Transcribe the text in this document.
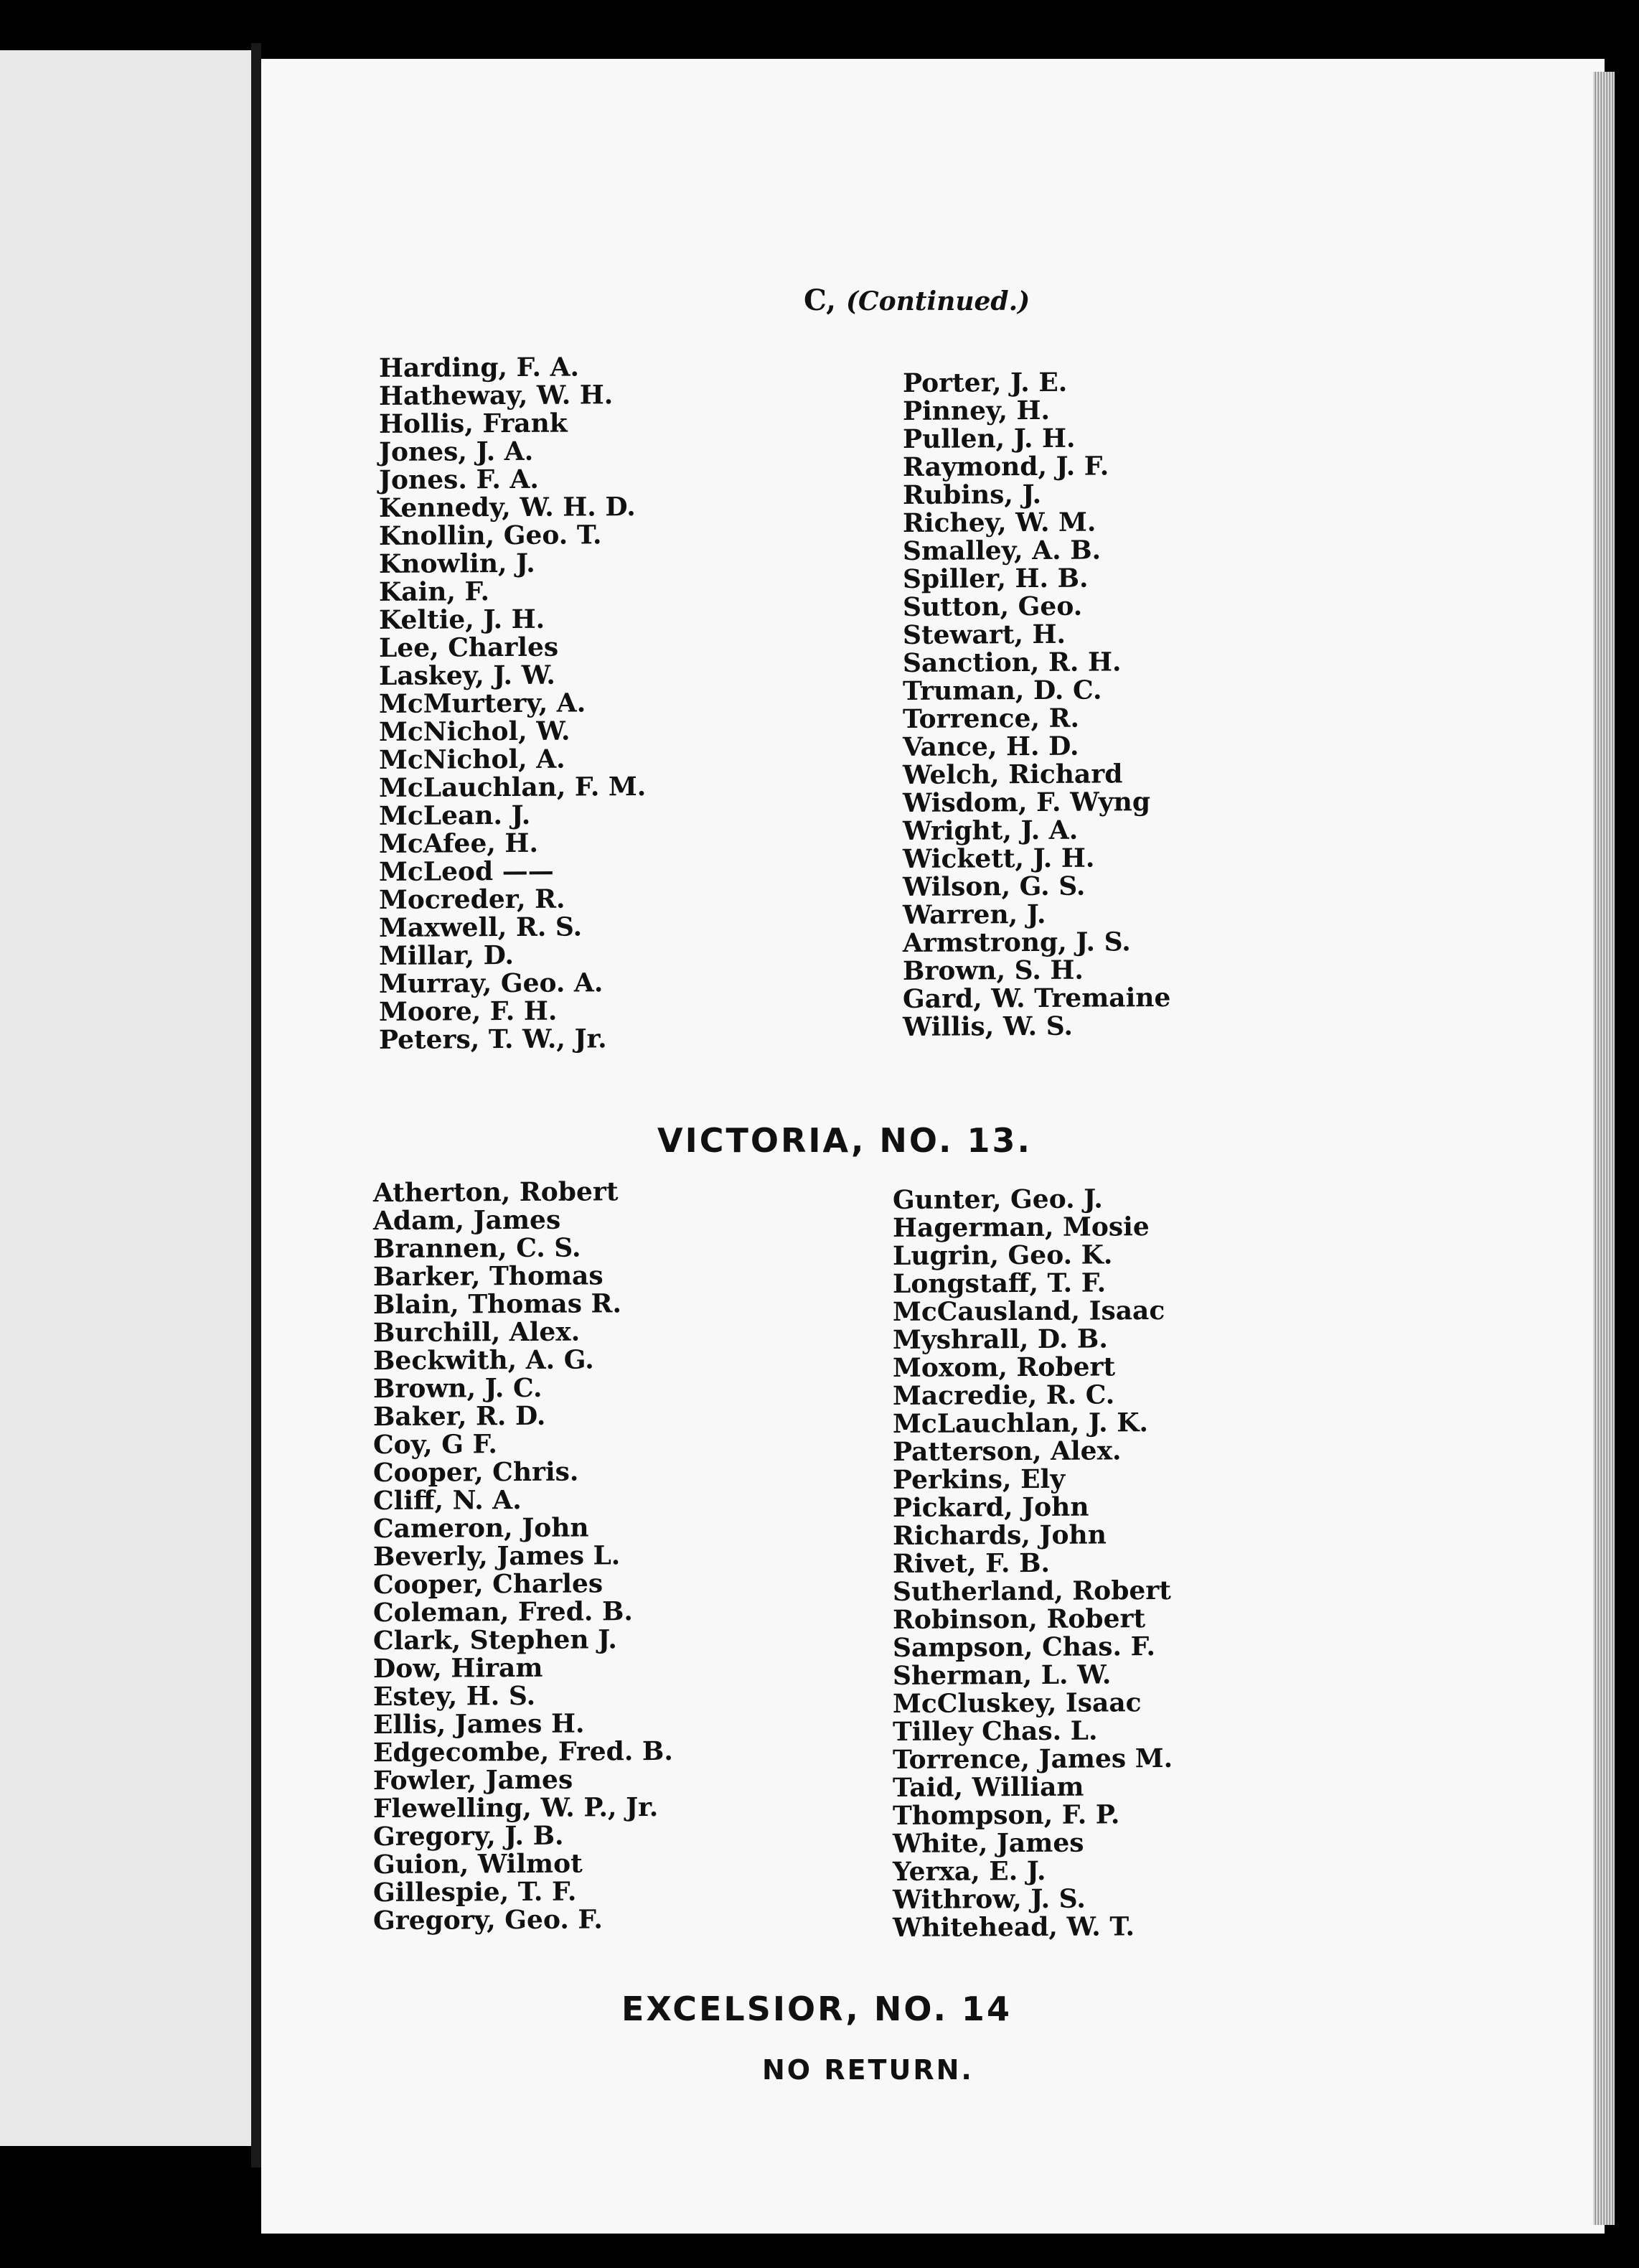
C, (Continued.)
Harding, F. A.
Hatheway, W. H.
Hollis, Frank
Jones, J. A.
Jones. F. A.
Kennedy, W. H. D.
Knollin, Geo. T.
Knowlin, J.
Kain, F.
Keltie, J. H.
Lee, Charles
Laskey, J. W.
McMurtery, A.
McNichol, W.
McNichol, A.
McLauchlan, F. M.
McLean. J.
McAfee, H.
McLeod ——
Mocreder, R.
Maxwell, R. S.
Millar, D.
Murray, Geo. A.
Moore, F. H.
Peters, T. W., Jr.
Porter, J. E.
Pinney, H.
Pullen, J. H.
Raymond, J. F.
Rubins, J.
Richey, W. M.
Smalley, A. B.
Spiller, H. B.
Sutton, Geo.
Stewart, H.
Sanction, R. H.
Truman, D. C.
Torrence, R.
Vance, H. D.
Welch, Richard
Wisdom, F. Wyng
Wright, J. A.
Wickett, J. H.
Wilson, G. S.
Warren, J.
Armstrong, J. S.
Brown, S. H.
Gard, W. Tremaine
Willis, W. S.
VICTORIA, NO. 13.
Atherton, Robert
Adam, James
Brannen, C. S.
Barker, Thomas
Blain, Thomas R.
Burchill, Alex.
Beckwith, A. G.
Brown, J. C.
Baker, R. D.
Coy, G F.
Cooper, Chris.
Cliff, N. A.
Cameron, John
Beverly, James L.
Cooper, Charles
Coleman, Fred. B.
Clark, Stephen J.
Dow, Hiram
Estey, H. S.
Ellis, James H.
Edgecombe, Fred. B.
Fowler, James
Flewelling, W. P., Jr.
Gregory, J. B.
Guion, Wilmot
Gillespie, T. F.
Gregory, Geo. F.
Gunter, Geo. J.
Hagerman, Mosie
Lugrin, Geo. K.
Longstaff, T. F.
McCausland, Isaac
Myshrall, D. B.
Moxom, Robert
Macredie, R. C.
McLauchlan, J. K.
Patterson, Alex.
Perkins, Ely
Pickard, John
Richards, John
Rivet, F. B.
Sutherland, Robert
Robinson, Robert
Sampson, Chas. F.
Sherman, L. W.
McCluskey, Isaac
Tilley Chas. L.
Torrence, James M.
Taid, William
Thompson, F. P.
White, James
Yerxa, E. J.
Withrow, J. S.
Whitehead, W. T.
EXCELSIOR, NO. 14
NO RETURN.
